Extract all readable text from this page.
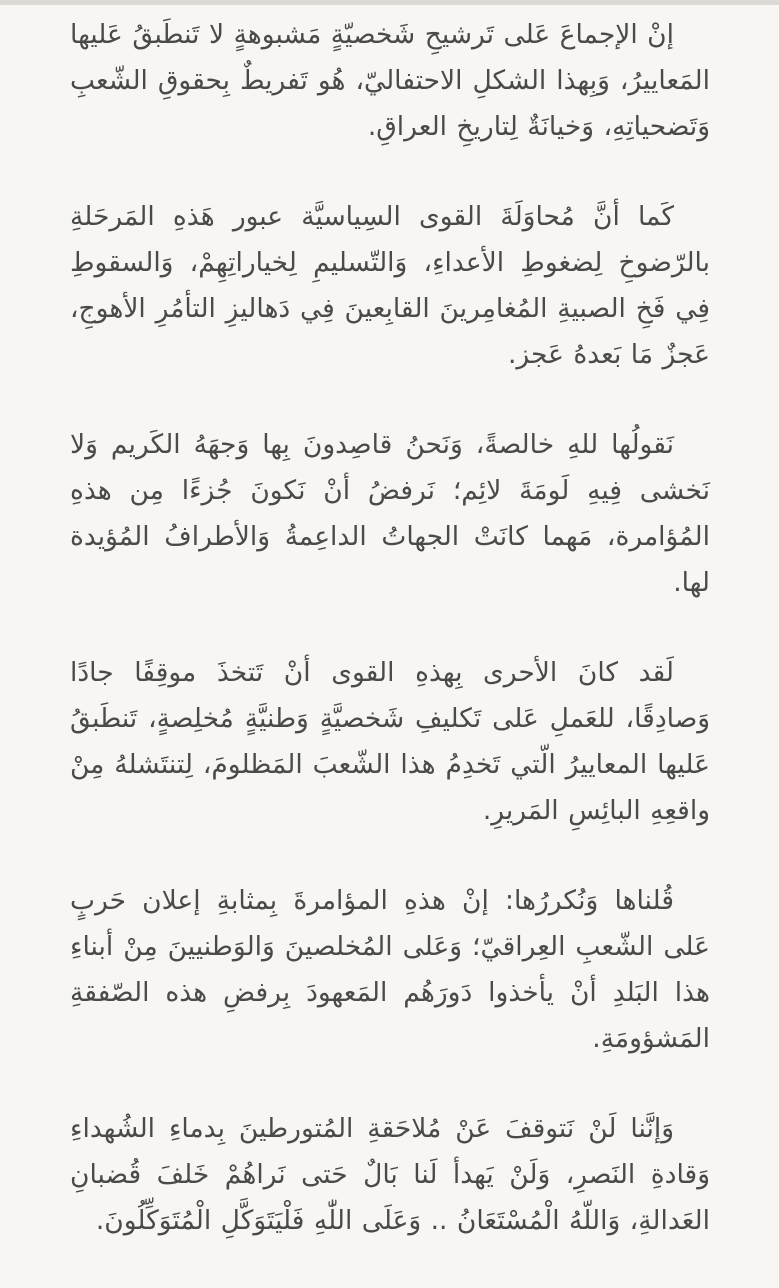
إنْ الإجماعَ عَلى تَرشيحِ شَخصيّةٍ مَشبوهةٍ لا تَنطَبقُ عَليها المَعاييرُ، وَبِهذا الشكلِ الاحتفاليّ، هُو تَفريطٌ بِحقوقِ الشّعبِ وَتَضحياتِهِ، وَخيانَةٌ لِتاريخِ العراقِ.

كَما أنَّ مُحاوَلَةَ القوى السِياسيَّة عبور هَذهِ المَرحَلةِ بالرّضوخِ لِضغوطِ الأعداءِ، وَالتّسليمِ لِخياراتِهِمْ، وَالسقوطِ فِي فَخِ الصبيةِ المُغامِرينَ القابِعينَ فِي دَهاليزِ التأمُرِ الأهوجِ، عَجزٌ مَا بَعدهُ عَجز.

نَقولُها للهِ خالصةً، وَنَحنُ قاصِدونَ بِها وَجهَهُ الكَريم وَلا نَخشى فِيهِ لَومَةَ لائِم؛ نَرفضُ أنْ نَكونَ جُزءًا مِن هذهِ المُؤامرة، مَهما كانَتْ الجهاتُ الداعِمةُ وَالأطرافُ المُؤيدة لها.

لَقد كانَ الأحرى بِهذهِ القوى أنْ تَتخذَ موقِفًا جادًا وَصادِقًا، للعَملِ عَلى تَكليفِ شَخصيَّةٍ وَطنيَّةٍ مُخلِصةٍ، تَنطَبقُ عَليها المعاييرُ الّتي تَخدِمُ هذا الشّعبَ المَظلومَ، لِتنتَشلهُ مِنْ واقعِهِ البائِسِ المَريرِ.

قُلناها وَنُكررُها: إنْ هذهِ المؤامرةَ بِمثابةِ إعلان حَربٍ عَلى الشّعبِ العِراقيّ؛ وَعَلى المُخلصينَ وَالوَطنيينَ مِنْ أبناءِ هذا البَلدِ أنْ يأخذوا دَورَهُم المَعهودَ بِرفضِ هذه الصّفقةِ المَشؤومَةِ.

وَإنَّنا لَنْ نَتوقفَ عَنْ مُلاحَقةِ المُتورطينَ بِدماءِ الشُهداءِ وَقادةِ النَصرِ، وَلَنْ يَهدأ لَنا بَالٌ حَتى نَراهُمْ خَلفَ قُضبانِ العَدالةِ، وَاللّهُ الْمُسْتَعَانُ .. وَعَلَى اللّٰهِ فَلْيَتَوَكَّلِ الْمُتَوَكِّلُونَ.
